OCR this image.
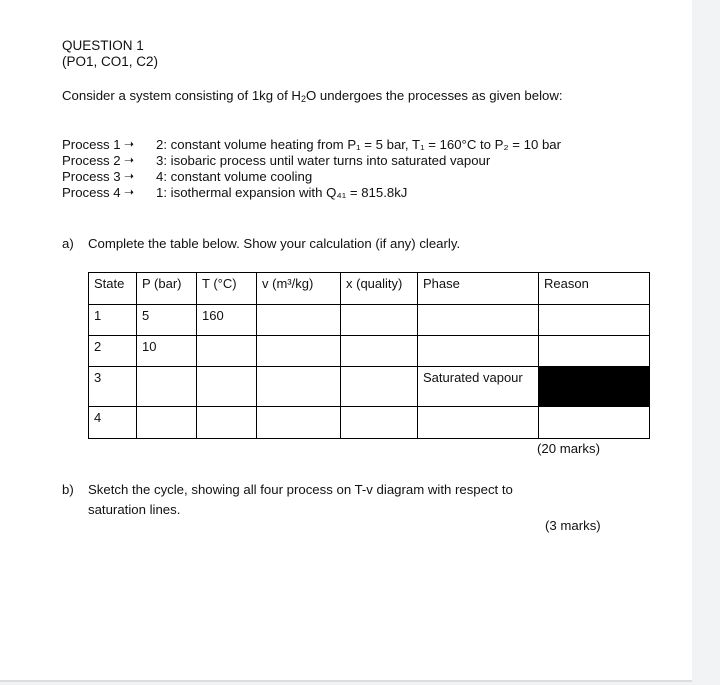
QUESTION 1
(PO1, CO1, C2)
Consider a system consisting of 1kg of $H_2O$ undergoes the processes as given below:
Process 1 ➝ 2: constant volume heating from P₁ = 5 bar, T₁ = 160°C to P₂ = 10 bar
Process 2 ➝ 3: isobaric process until water turns into saturated vapour
Process 3 ➝ 4: constant volume cooling
Process 4 ➝ 1: isothermal expansion with Q₄₁ = 815.8kJ
a) Complete the table below. Show your calculation (if any) clearly.
State	P (bar)	T (°C)	v (m³/kg)	x (quality)	Phase	Reason
1	5	160				
2	10					
3					Saturated vapour	
4						
(20 marks)
b) Sketch the cycle, showing all four process on T-v diagram with respect to
saturation lines.
(3 marks)
